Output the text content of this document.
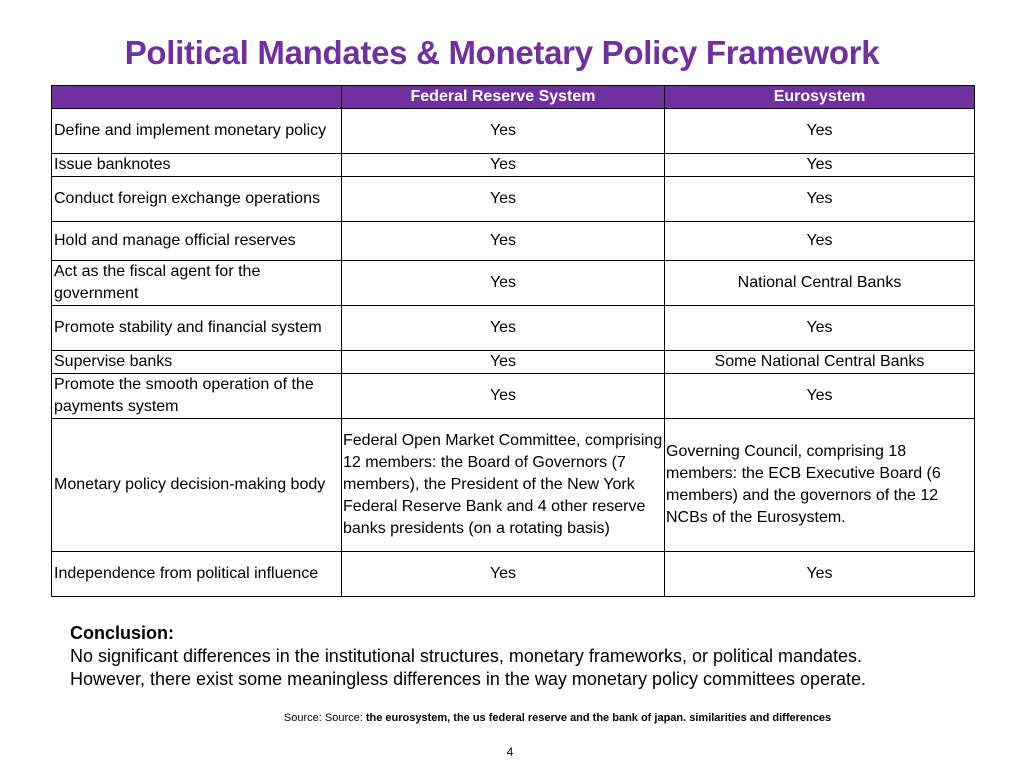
Political Mandates & Monetary Policy Framework
	Federal Reserve System	Eurosystem
Define and implement monetary policy	Yes	Yes
Issue banknotes	Yes	Yes
Conduct foreign exchange operations	Yes	Yes
Hold and manage official reserves	Yes	Yes
Act as the fiscal agent for the government	Yes	National Central Banks
Promote stability and financial system	Yes	Yes
Supervise banks	Yes	Some National Central Banks
Promote the smooth operation of the payments system	Yes	Yes
Monetary policy decision-making body	Federal Open Market Committee, comprising 12 members: the Board of Governors (7 members), the President of the New York Federal Reserve Bank and 4 other reserve banks presidents (on a rotating basis)	Governing Council, comprising 18 members: the ECB Executive Board (6 members) and the governors of the 12 NCBs of the Eurosystem.
Independence from political influence	Yes	Yes
Conclusion:
No significant differences in the institutional structures, monetary frameworks, or political mandates.
However, there exist some meaningless differences in the way monetary policy committees operate.
Source: Source: the eurosystem, the us federal reserve and the bank of japan. similarities and differences
4
